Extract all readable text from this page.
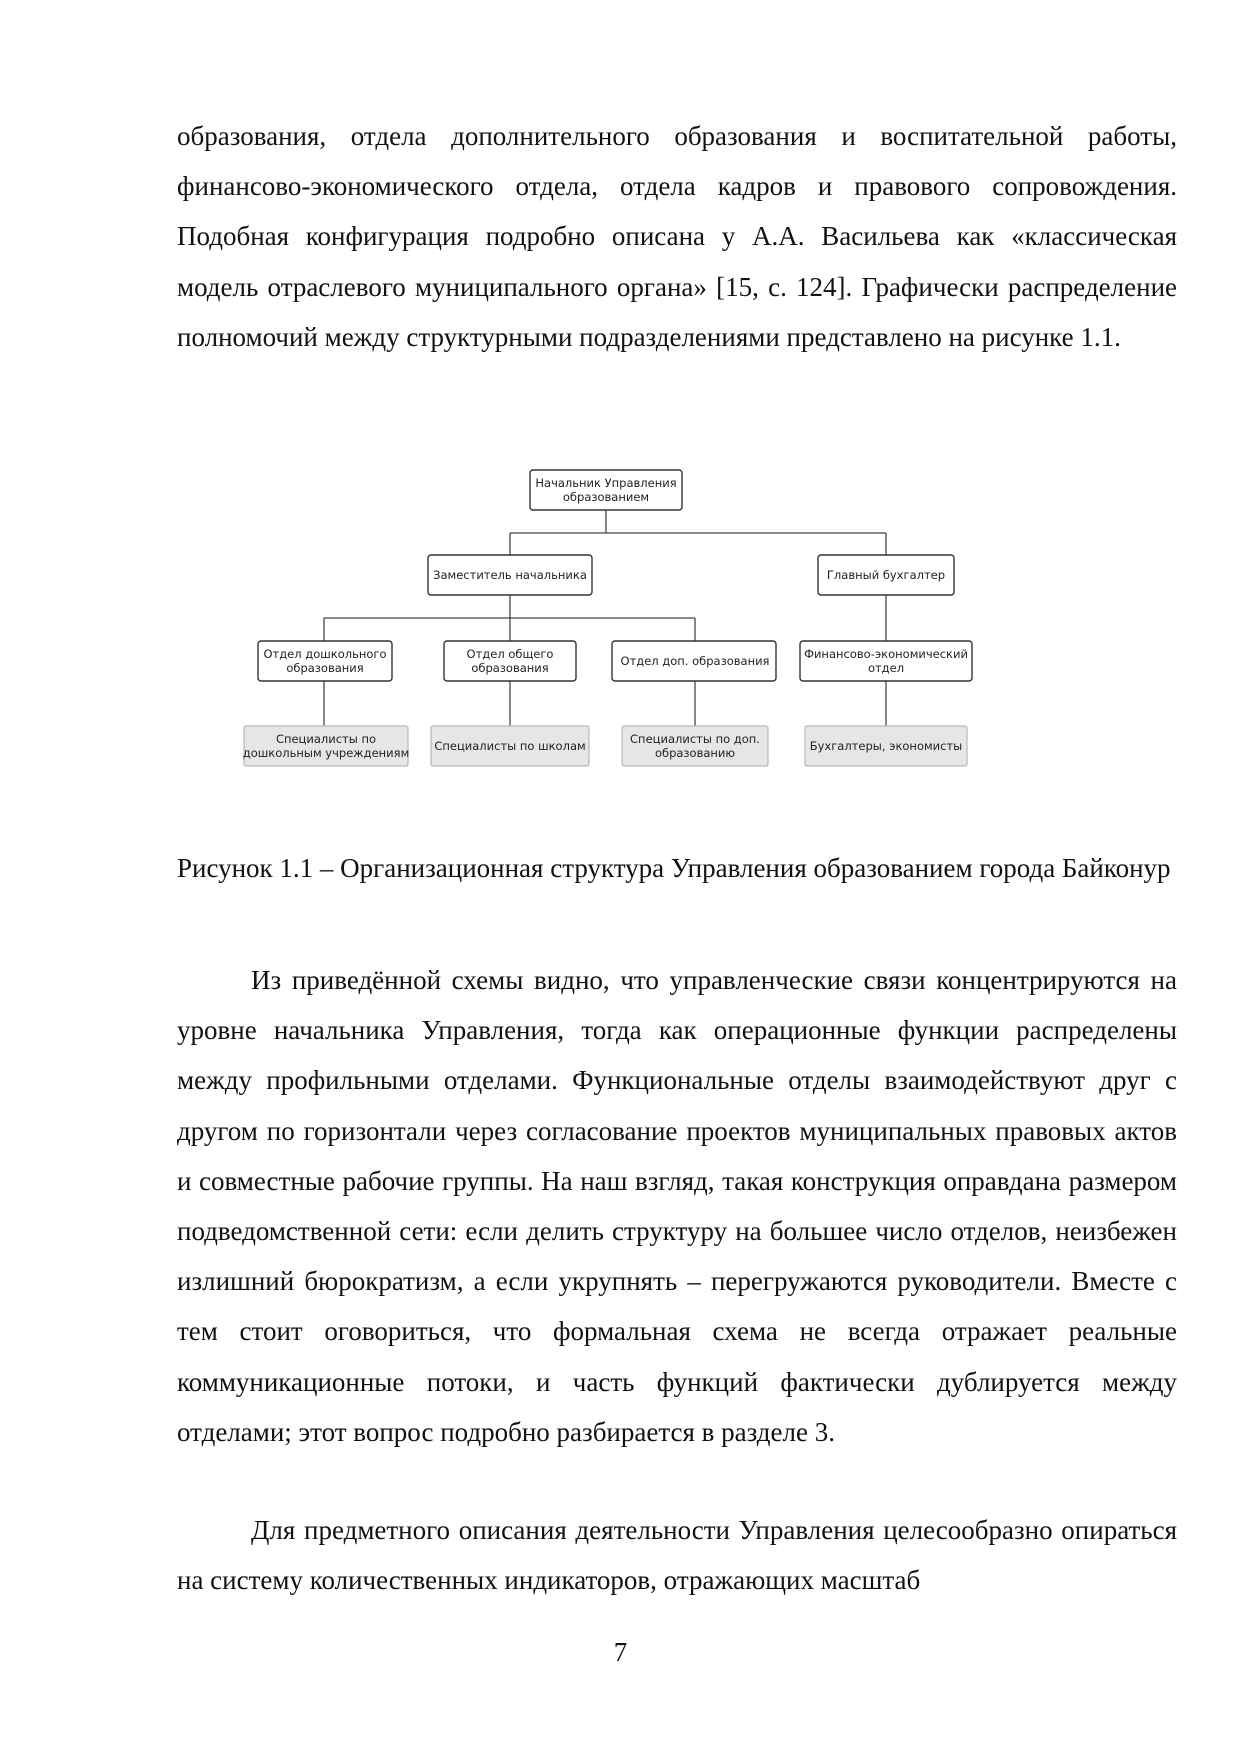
образования, отдела дополнительного образования и воспитательной работы, финансово-экономического отдела, отдела кадров и правового сопровождения. Подобная конфигурация подробно описана у А.А. Васильева как «классическая модель отраслевого муниципального органа» [15, с. 124]. Графически распределение полномочий между структурными подразделениями представлено на рисунке 1.1.

Начальник Управления
образованием
Заместитель начальника	Главный бухгалтер
Отдел дошкольного
образования
Отдел общего
образования	Отдел доп. образования	Финансово-экономический
отдел
Специалисты по
дошкольным учреждениям Специалисты по школам	Специалисты по доп.
образованию	Бухгалтеры, экономисты

Рисунок 1.1 – Организационная структура Управления образованием города Байконур

Из приведённой схемы видно, что управленческие связи концентрируются на уровне начальника Управления, тогда как операционные функции распределены между профильными отделами. Функциональные отделы взаимодействуют друг с другом по горизонтали через согласование проектов муниципальных правовых актов и совместные рабочие группы. На наш взгляд, такая конструкция оправдана размером подведомственной сети: если делить структуру на большее число отделов, неизбежен излишний бюрократизм, а если укрупнять – перегружаются руководители. Вместе с тем стоит оговориться, что формальная схема не всегда отражает реальные коммуникационные потоки, и часть функций фактически дублируется между отделами; этот вопрос подробно разбирается в разделе 3.

Для предметного описания деятельности Управления целесообразно опираться на систему количественных индикаторов, отражающих масштаб

7
